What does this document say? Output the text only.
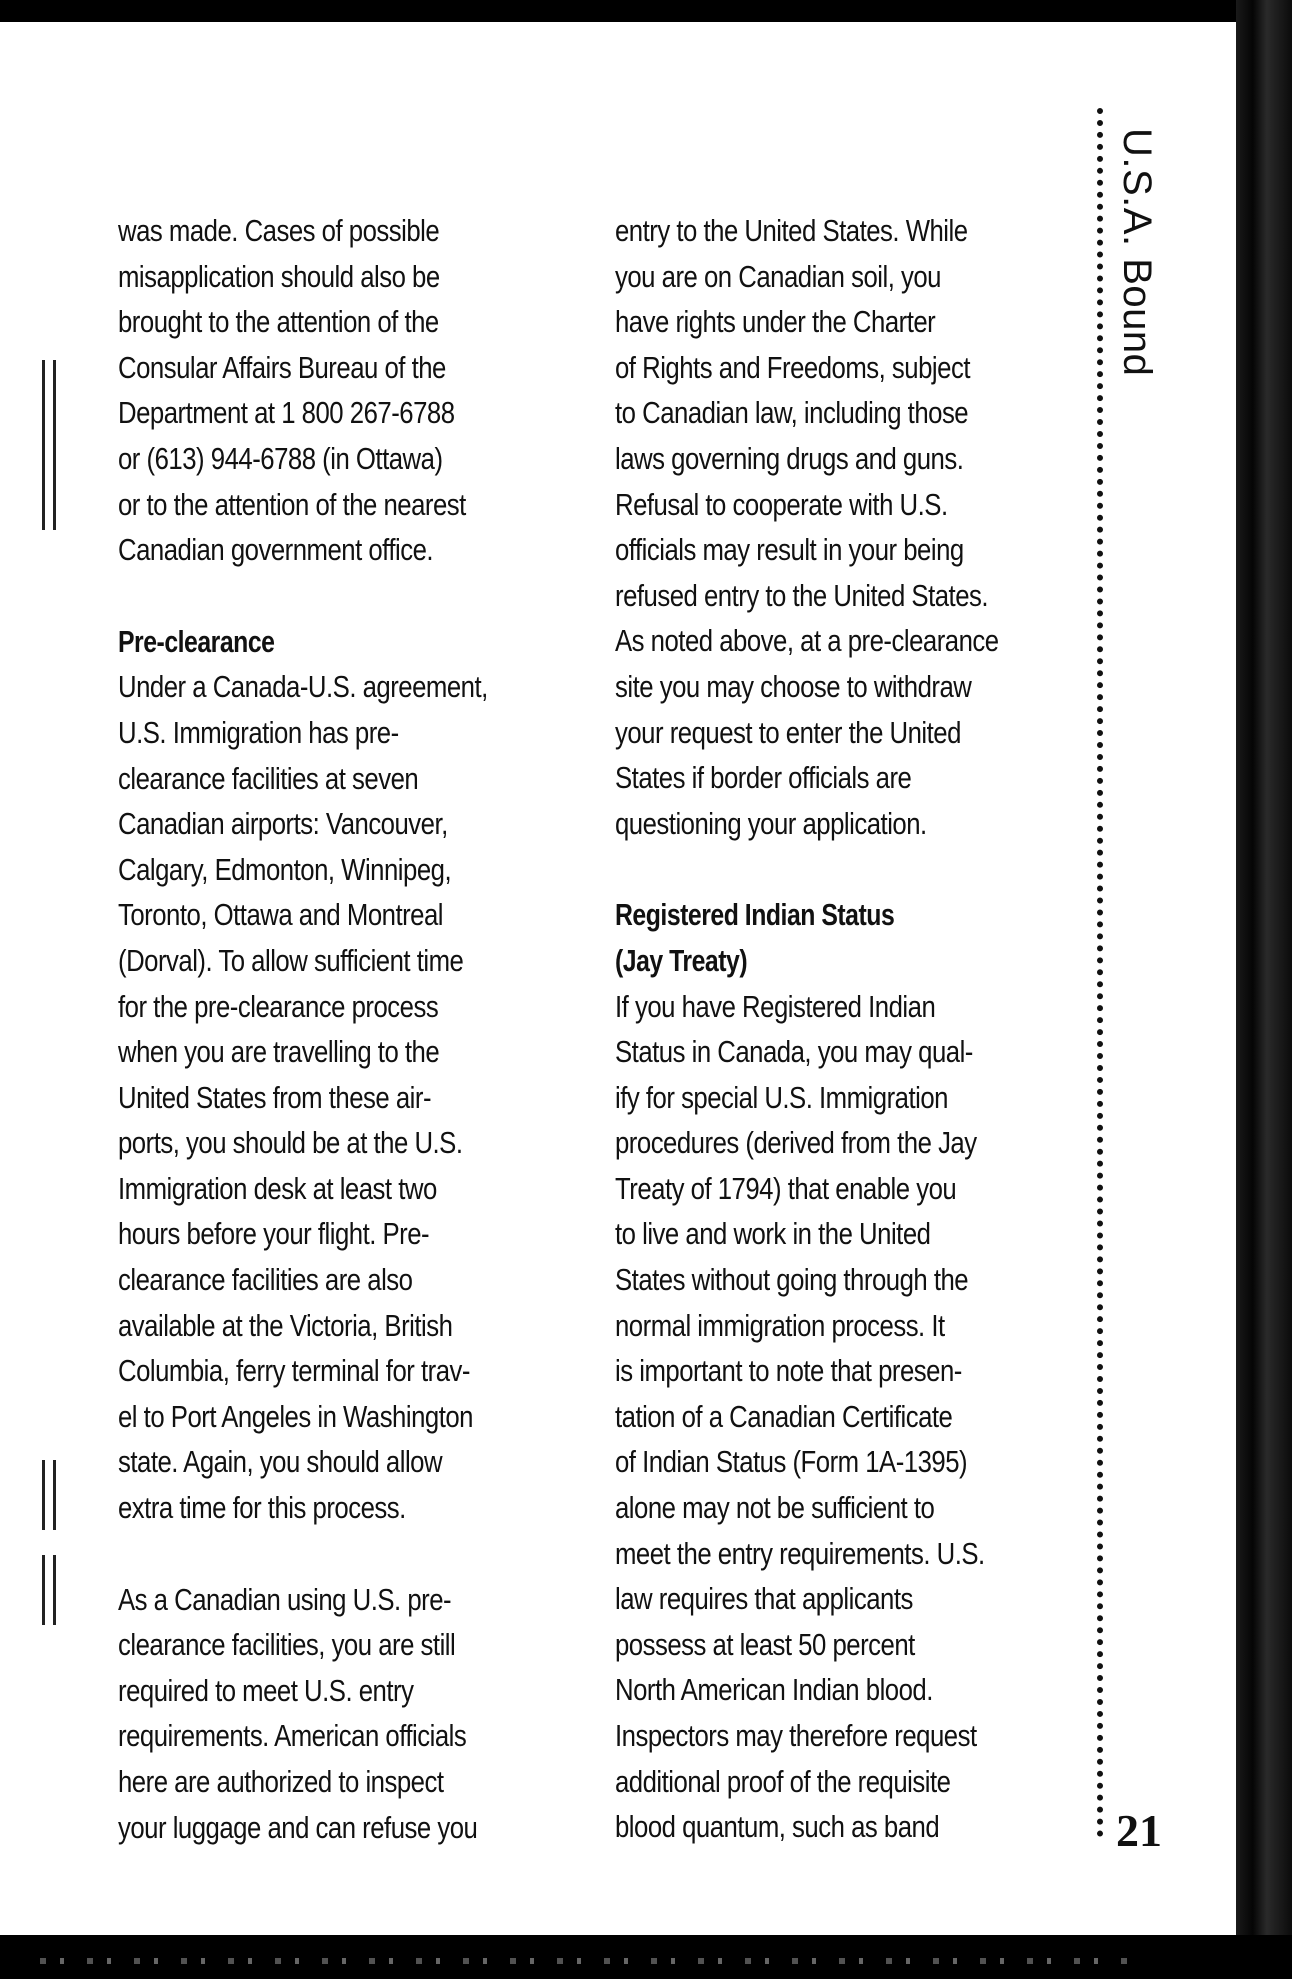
was made. Cases of possible
misapplication should also be
brought to the attention of the
Consular Affairs Bureau of the
Department at 1 800 267-6788
or (613) 944-6788 (in Ottawa)
or to the attention of the nearest
Canadian government office.

Pre-clearance

Under a Canada-U.S. agreement,
U.S. Immigration has pre-
clearance facilities at seven
Canadian airports: Vancouver,
Calgary, Edmonton, Winnipeg,
Toronto, Ottawa and Montreal
(Dorval). To allow sufficient time
for the pre-clearance process
when you are travelling to the
United States from these air-
ports, you should be at the U.S.
Immigration desk at least two
hours before your flight. Pre-
clearance facilities are also
available at the Victoria, British
Columbia, ferry terminal for trav-
el to Port Angeles in Washington
state. Again, you should allow
extra time for this process.

As a Canadian using U.S. pre-
clearance facilities, you are still
required to meet U.S. entry
requirements. American officials
here are authorized to inspect
your luggage and can refuse you

entry to the United States. While
you are on Canadian soil, you
have rights under the Charter
of Rights and Freedoms, subject
to Canadian law, including those
laws governing drugs and guns.
Refusal to cooperate with U.S.
officials may result in your being
refused entry to the United States.
As noted above, at a pre-clearance
site you may choose to withdraw
your request to enter the United
States if border officials are
questioning your application.

Registered Indian Status
(Jay Treaty)

If you have Registered Indian
Status in Canada, you may qual-
ify for special U.S. Immigration
procedures (derived from the Jay
Treaty of 1794) that enable you
to live and work in the United
States without going through the
normal immigration process. It
is important to note that presen-
tation of a Canadian Certificate
of Indian Status (Form 1A-1395)
alone may not be sufficient to
meet the entry requirements. U.S.
law requires that applicants
possess at least 50 percent
North American Indian blood.
Inspectors may therefore request
additional proof of the requisite
blood quantum, such as band

U.S.A. Bound
21
